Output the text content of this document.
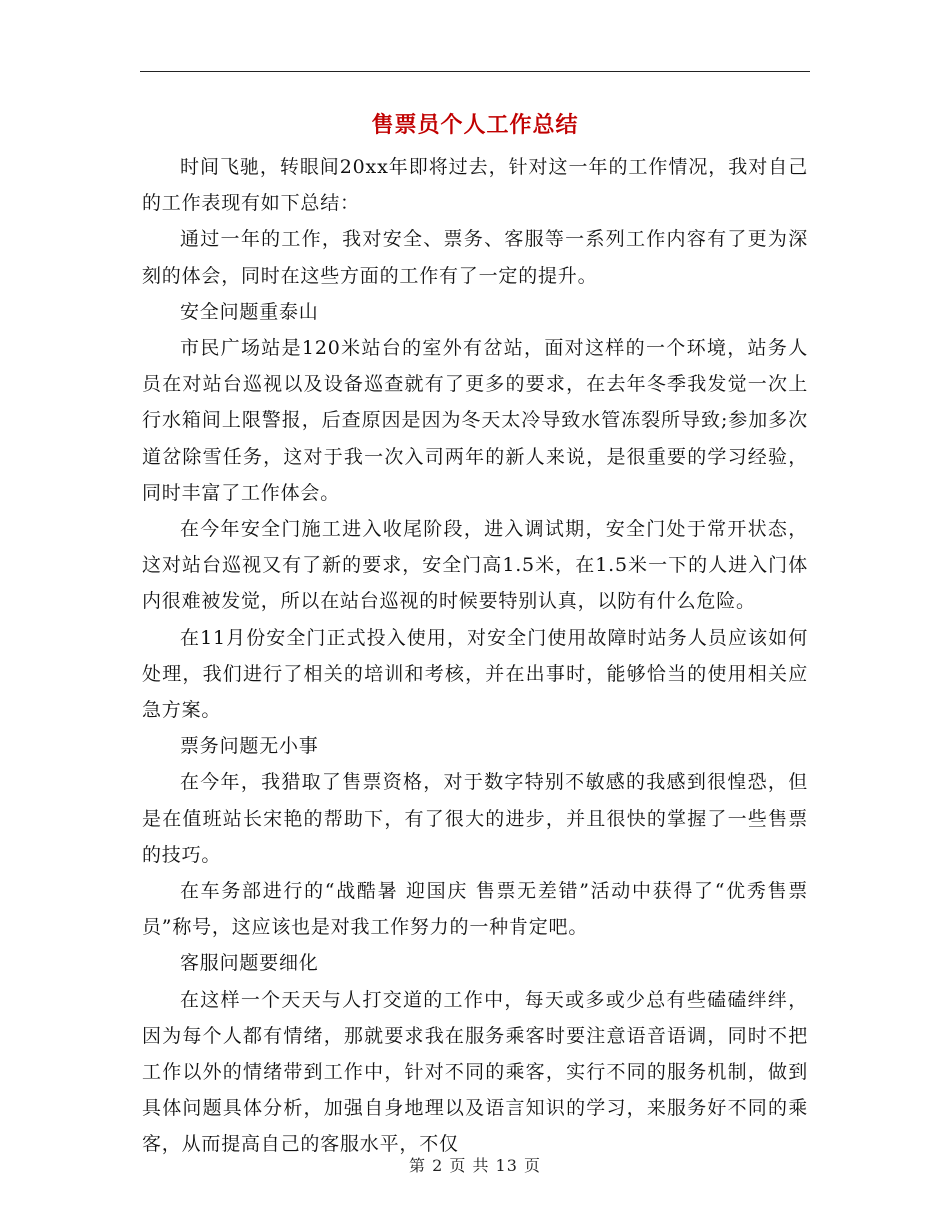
售票员个人工作总结

时间飞驰，转眼间20xx年即将过去，针对这一年的工作情况，我对自己的工作表现有如下总结：

通过一年的工作，我对安全、票务、客服等一系列工作内容有了更为深刻的体会，同时在这些方面的工作有了一定的提升。

安全问题重泰山

市民广场站是120米站台的室外有岔站，面对这样的一个环境，站务人员在对站台巡视以及设备巡查就有了更多的要求，在去年冬季我发觉一次上行水箱间上限警报，后查原因是因为冬天太冷导致水管冻裂所导致;参加多次道岔除雪任务，这对于我一次入司两年的新人来说，是很重要的学习经验，同时丰富了工作体会。

在今年安全门施工进入收尾阶段，进入调试期，安全门处于常开状态，这对站台巡视又有了新的要求，安全门高1.5米，在1.5米一下的人进入门体内很难被发觉，所以在站台巡视的时候要特别认真，以防有什么危险。

在11月份安全门正式投入使用，对安全门使用故障时站务人员应该如何处理，我们进行了相关的培训和考核，并在出事时，能够恰当的使用相关应急方案。

票务问题无小事

在今年，我猎取了售票资格，对于数字特别不敏感的我感到很惶恐，但是在值班站长宋艳的帮助下，有了很大的进步，并且很快的掌握了一些售票的技巧。

在车务部进行的“战酷暑 迎国庆 售票无差错”活动中获得了“优秀售票员”称号，这应该也是对我工作努力的一种肯定吧。

客服问题要细化

在这样一个天天与人打交道的工作中，每天或多或少总有些磕磕绊绊，因为每个人都有情绪，那就要求我在服务乘客时要注意语音语调，同时不把工作以外的情绪带到工作中，针对不同的乘客，实行不同的服务机制，做到具体问题具体分析，加强自身地理以及语言知识的学习，来服务好不同的乘客，从而提高自己的客服水平，不仅

第 2 页 共 13 页
